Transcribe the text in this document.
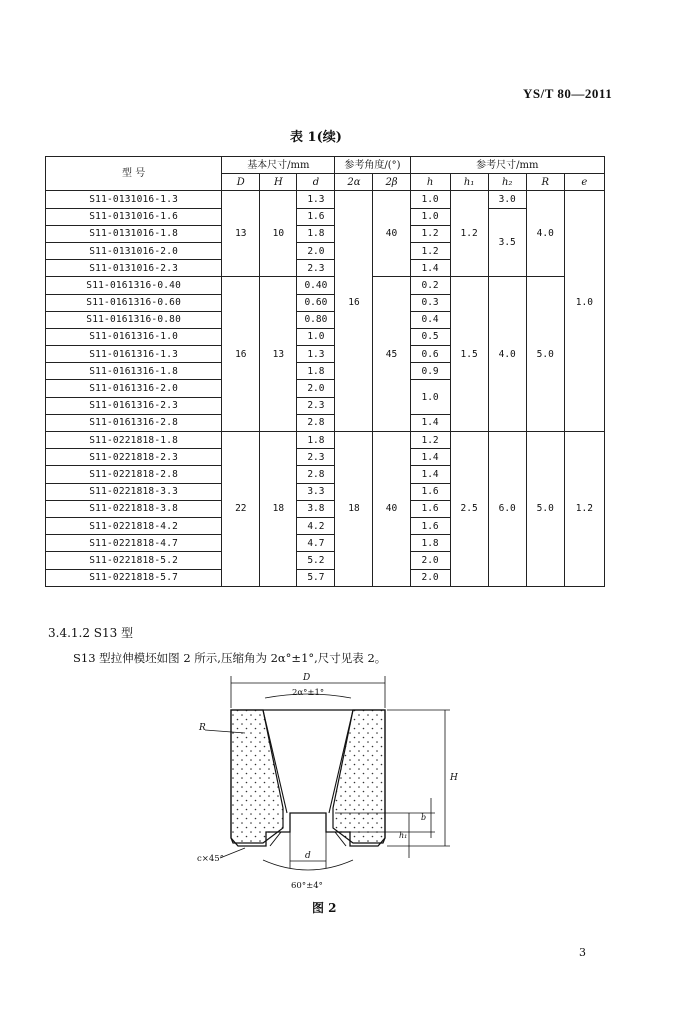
YS/T 80—2011
表 1(续)
型 号	基本尺寸/mm			参考角度/(°)		参考尺寸/mm				
	D	H	d	2α	2β	h	h₁	h₂	R	e
S11-0131016-1.3	13	10	1.3		40	1.0	1.2	3.0	4.0	
S11-0131016-1.6			1.6			1.0		3.5		
S11-0131016-1.8			1.8			1.2				
S11-0131016-2.0			2.0			1.2				
S11-0131016-2.3			2.3			1.4				
S11-0161316-0.40	16	13	0.40		45	0.2	1.5	4.0	5.0	
S11-0161316-0.60			0.60	16		0.3				1.0
S11-0161316-0.80			0.80			0.4				
S11-0161316-1.0			1.0			0.5				
S11-0161316-1.3			1.3			0.6				
S11-0161316-1.8			1.8			0.9				
S11-0161316-2.0			2.0			1.0				
S11-0161316-2.3			2.3							
S11-0161316-2.8			2.8			1.4				
S11-0221818-1.8	22	18	1.8	18	40	1.2	2.5	6.0	5.0	1.2
S11-0221818-2.3			2.3			1.4				
S11-0221818-2.8			2.8			1.4				
S11-0221818-3.3			3.3			1.6				
S11-0221818-3.8			3.8			1.6				
S11-0221818-4.2			4.2			1.6				
S11-0221818-4.7			4.7			1.8				
S11-0221818-5.2			5.2			2.0				
S11-0221818-5.7			5.7			2.0				
3.4.1.2 S13 型
S13 型拉伸模坯如图 2 所示,压缩角为 2α°±1°,尺寸见表 2。
D
2α°±1°
R
H
b
h₁
d
c×45°
60°±4°
图 2
3
